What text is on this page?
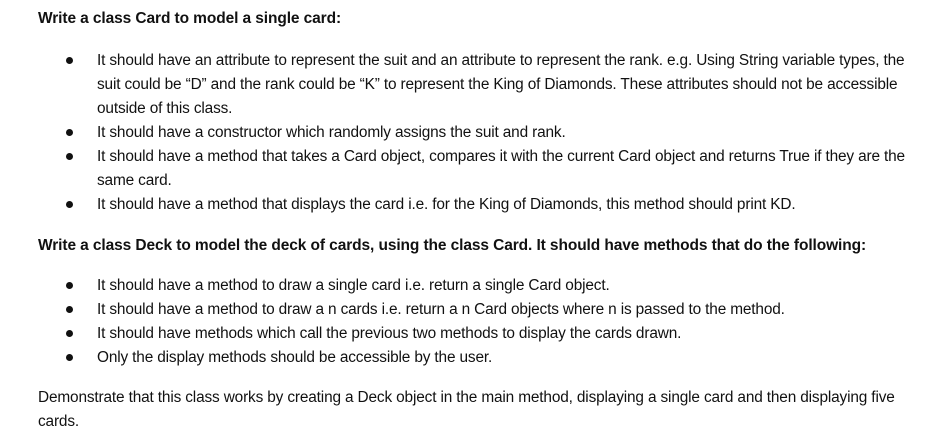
Write a class Card to model a single card:
It should have an attribute to represent the suit and an attribute to represent the rank. e.g. Using String variable types, the suit could be “D” and the rank could be “K” to represent the King of Diamonds. These attributes should not be accessible outside of this class.
It should have a constructor which randomly assigns the suit and rank.
It should have a method that takes a Card object, compares it with the current Card object and returns True if they are the same card.
It should have a method that displays the card i.e. for the King of Diamonds, this method should print KD.
Write a class Deck to model the deck of cards, using the class Card. It should have methods that do the following:
It should have a method to draw a single card i.e. return a single Card object.
It should have a method to draw a n cards i.e. return a n Card objects where n is passed to the method.
It should have methods which call the previous two methods to display the cards drawn.
Only the display methods should be accessible by the user.
Demonstrate that this class works by creating a Deck object in the main method, displaying a single card and then displaying five cards.
